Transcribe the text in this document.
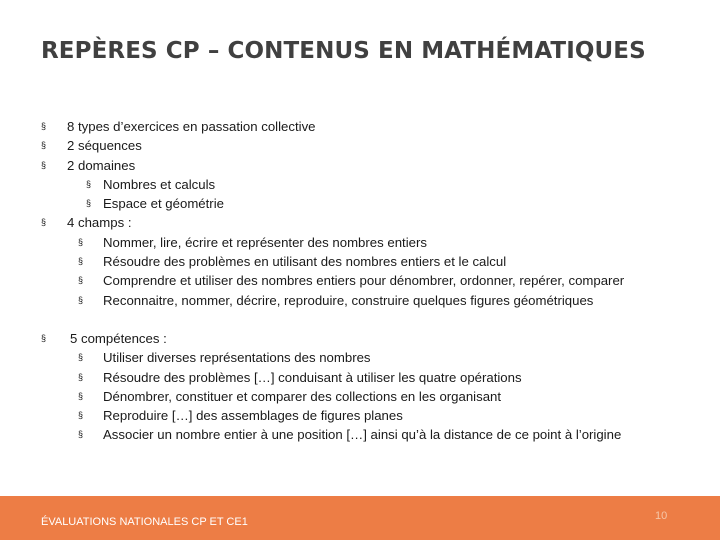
REPÈRES CP – CONTENUS EN MATHÉMATIQUES
§ 8 types d’exercices en passation collective
§ 2 séquences
§ 2 domaines
§ Nombres et calculs
§ Espace et géométrie
§ 4 champs :
§ Nommer, lire, écrire et représenter des nombres entiers
§ Résoudre des problèmes en utilisant des nombres entiers et le calcul
§ Comprendre et utiliser des nombres entiers pour dénombrer, ordonner, repérer, comparer
§ Reconnaitre, nommer, décrire, reproduire, construire quelques figures géométriques
§ 5 compétences :
§ Utiliser diverses représentations des nombres
§ Résoudre des problèmes […] conduisant à utiliser les quatre opérations
§ Dénombrer, constituer et comparer des collections en les organisant
§ Reproduire […] des assemblages de figures planes
§ Associer un nombre entier à une position […] ainsi qu’à la distance de ce point à l’origine
ÉVALUATIONS NATIONALES CP ET CE1	10
